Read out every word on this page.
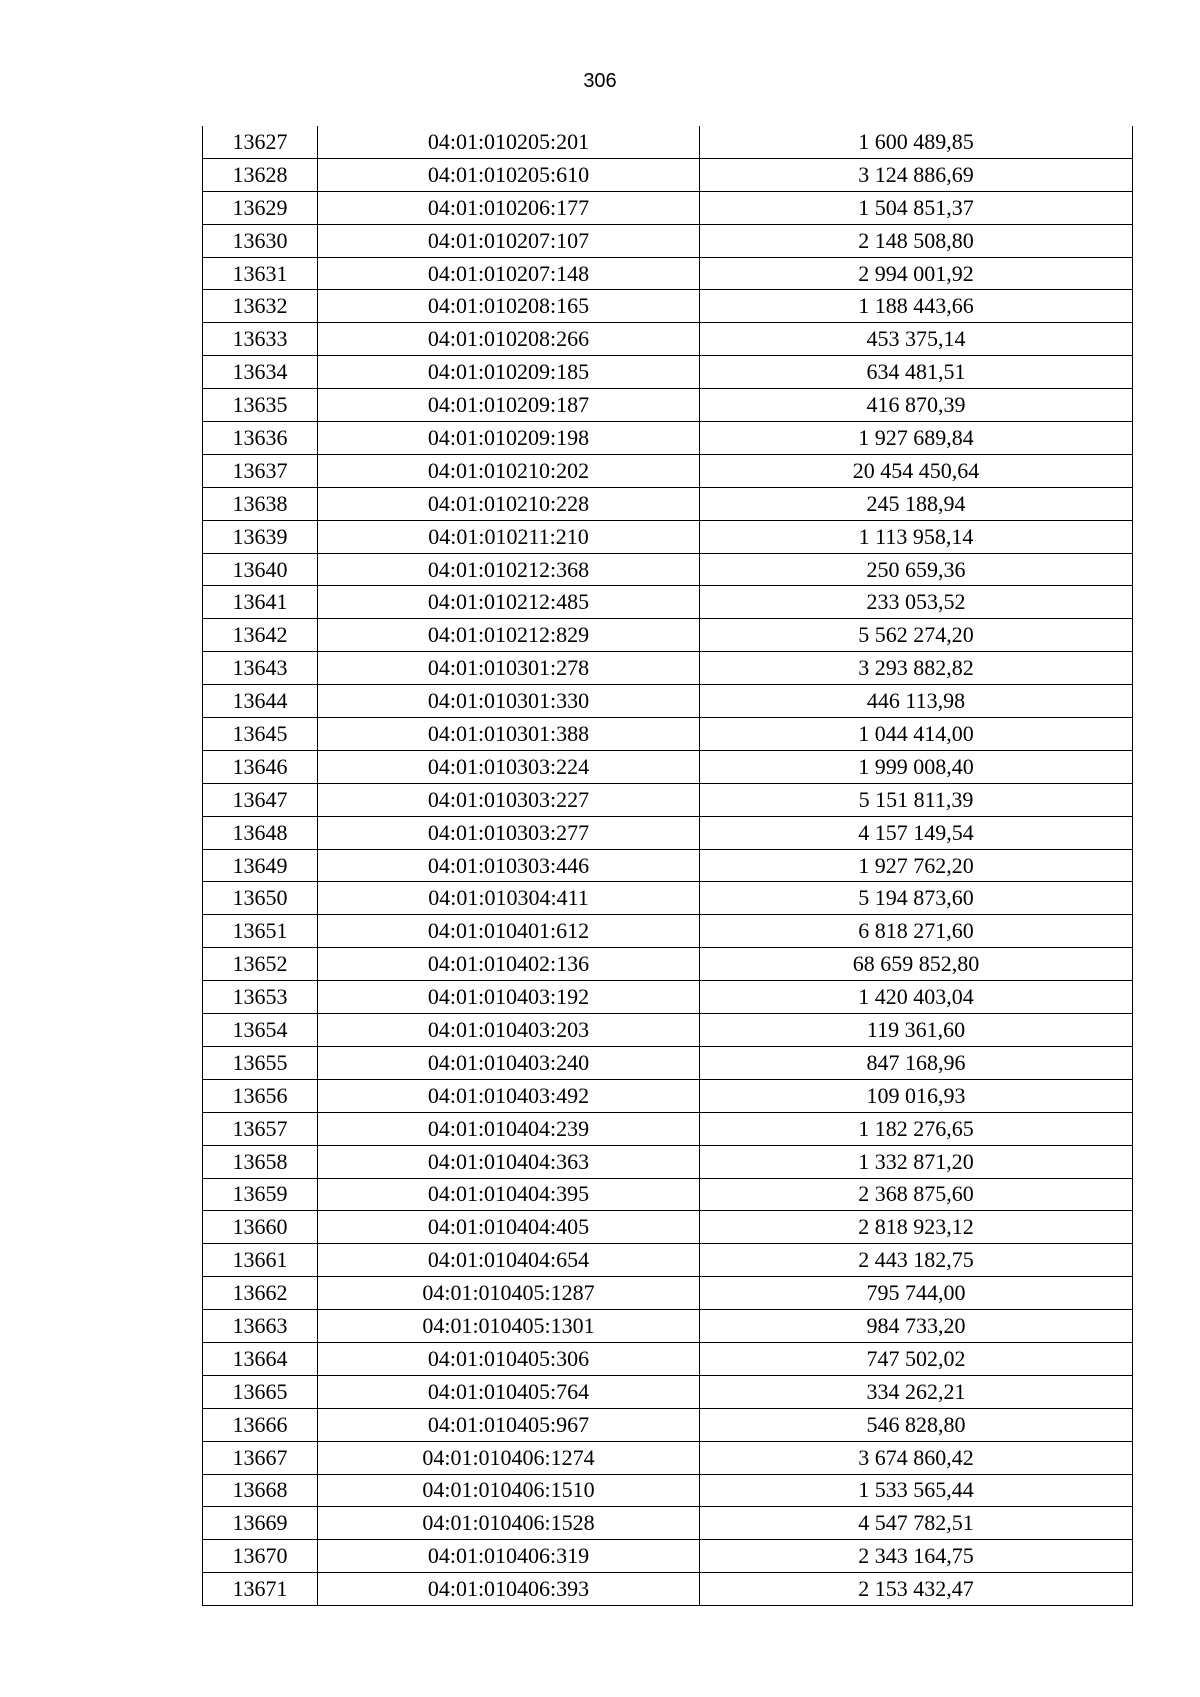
306
13627	04:01:010205:201	1 600 489,85
13628	04:01:010205:610	3 124 886,69
13629	04:01:010206:177	1 504 851,37
13630	04:01:010207:107	2 148 508,80
13631	04:01:010207:148	2 994 001,92
13632	04:01:010208:165	1 188 443,66
13633	04:01:010208:266	453 375,14
13634	04:01:010209:185	634 481,51
13635	04:01:010209:187	416 870,39
13636	04:01:010209:198	1 927 689,84
13637	04:01:010210:202	20 454 450,64
13638	04:01:010210:228	245 188,94
13639	04:01:010211:210	1 113 958,14
13640	04:01:010212:368	250 659,36
13641	04:01:010212:485	233 053,52
13642	04:01:010212:829	5 562 274,20
13643	04:01:010301:278	3 293 882,82
13644	04:01:010301:330	446 113,98
13645	04:01:010301:388	1 044 414,00
13646	04:01:010303:224	1 999 008,40
13647	04:01:010303:227	5 151 811,39
13648	04:01:010303:277	4 157 149,54
13649	04:01:010303:446	1 927 762,20
13650	04:01:010304:411	5 194 873,60
13651	04:01:010401:612	6 818 271,60
13652	04:01:010402:136	68 659 852,80
13653	04:01:010403:192	1 420 403,04
13654	04:01:010403:203	119 361,60
13655	04:01:010403:240	847 168,96
13656	04:01:010403:492	109 016,93
13657	04:01:010404:239	1 182 276,65
13658	04:01:010404:363	1 332 871,20
13659	04:01:010404:395	2 368 875,60
13660	04:01:010404:405	2 818 923,12
13661	04:01:010404:654	2 443 182,75
13662	04:01:010405:1287	795 744,00
13663	04:01:010405:1301	984 733,20
13664	04:01:010405:306	747 502,02
13665	04:01:010405:764	334 262,21
13666	04:01:010405:967	546 828,80
13667	04:01:010406:1274	3 674 860,42
13668	04:01:010406:1510	1 533 565,44
13669	04:01:010406:1528	4 547 782,51
13670	04:01:010406:319	2 343 164,75
13671	04:01:010406:393	2 153 432,47
